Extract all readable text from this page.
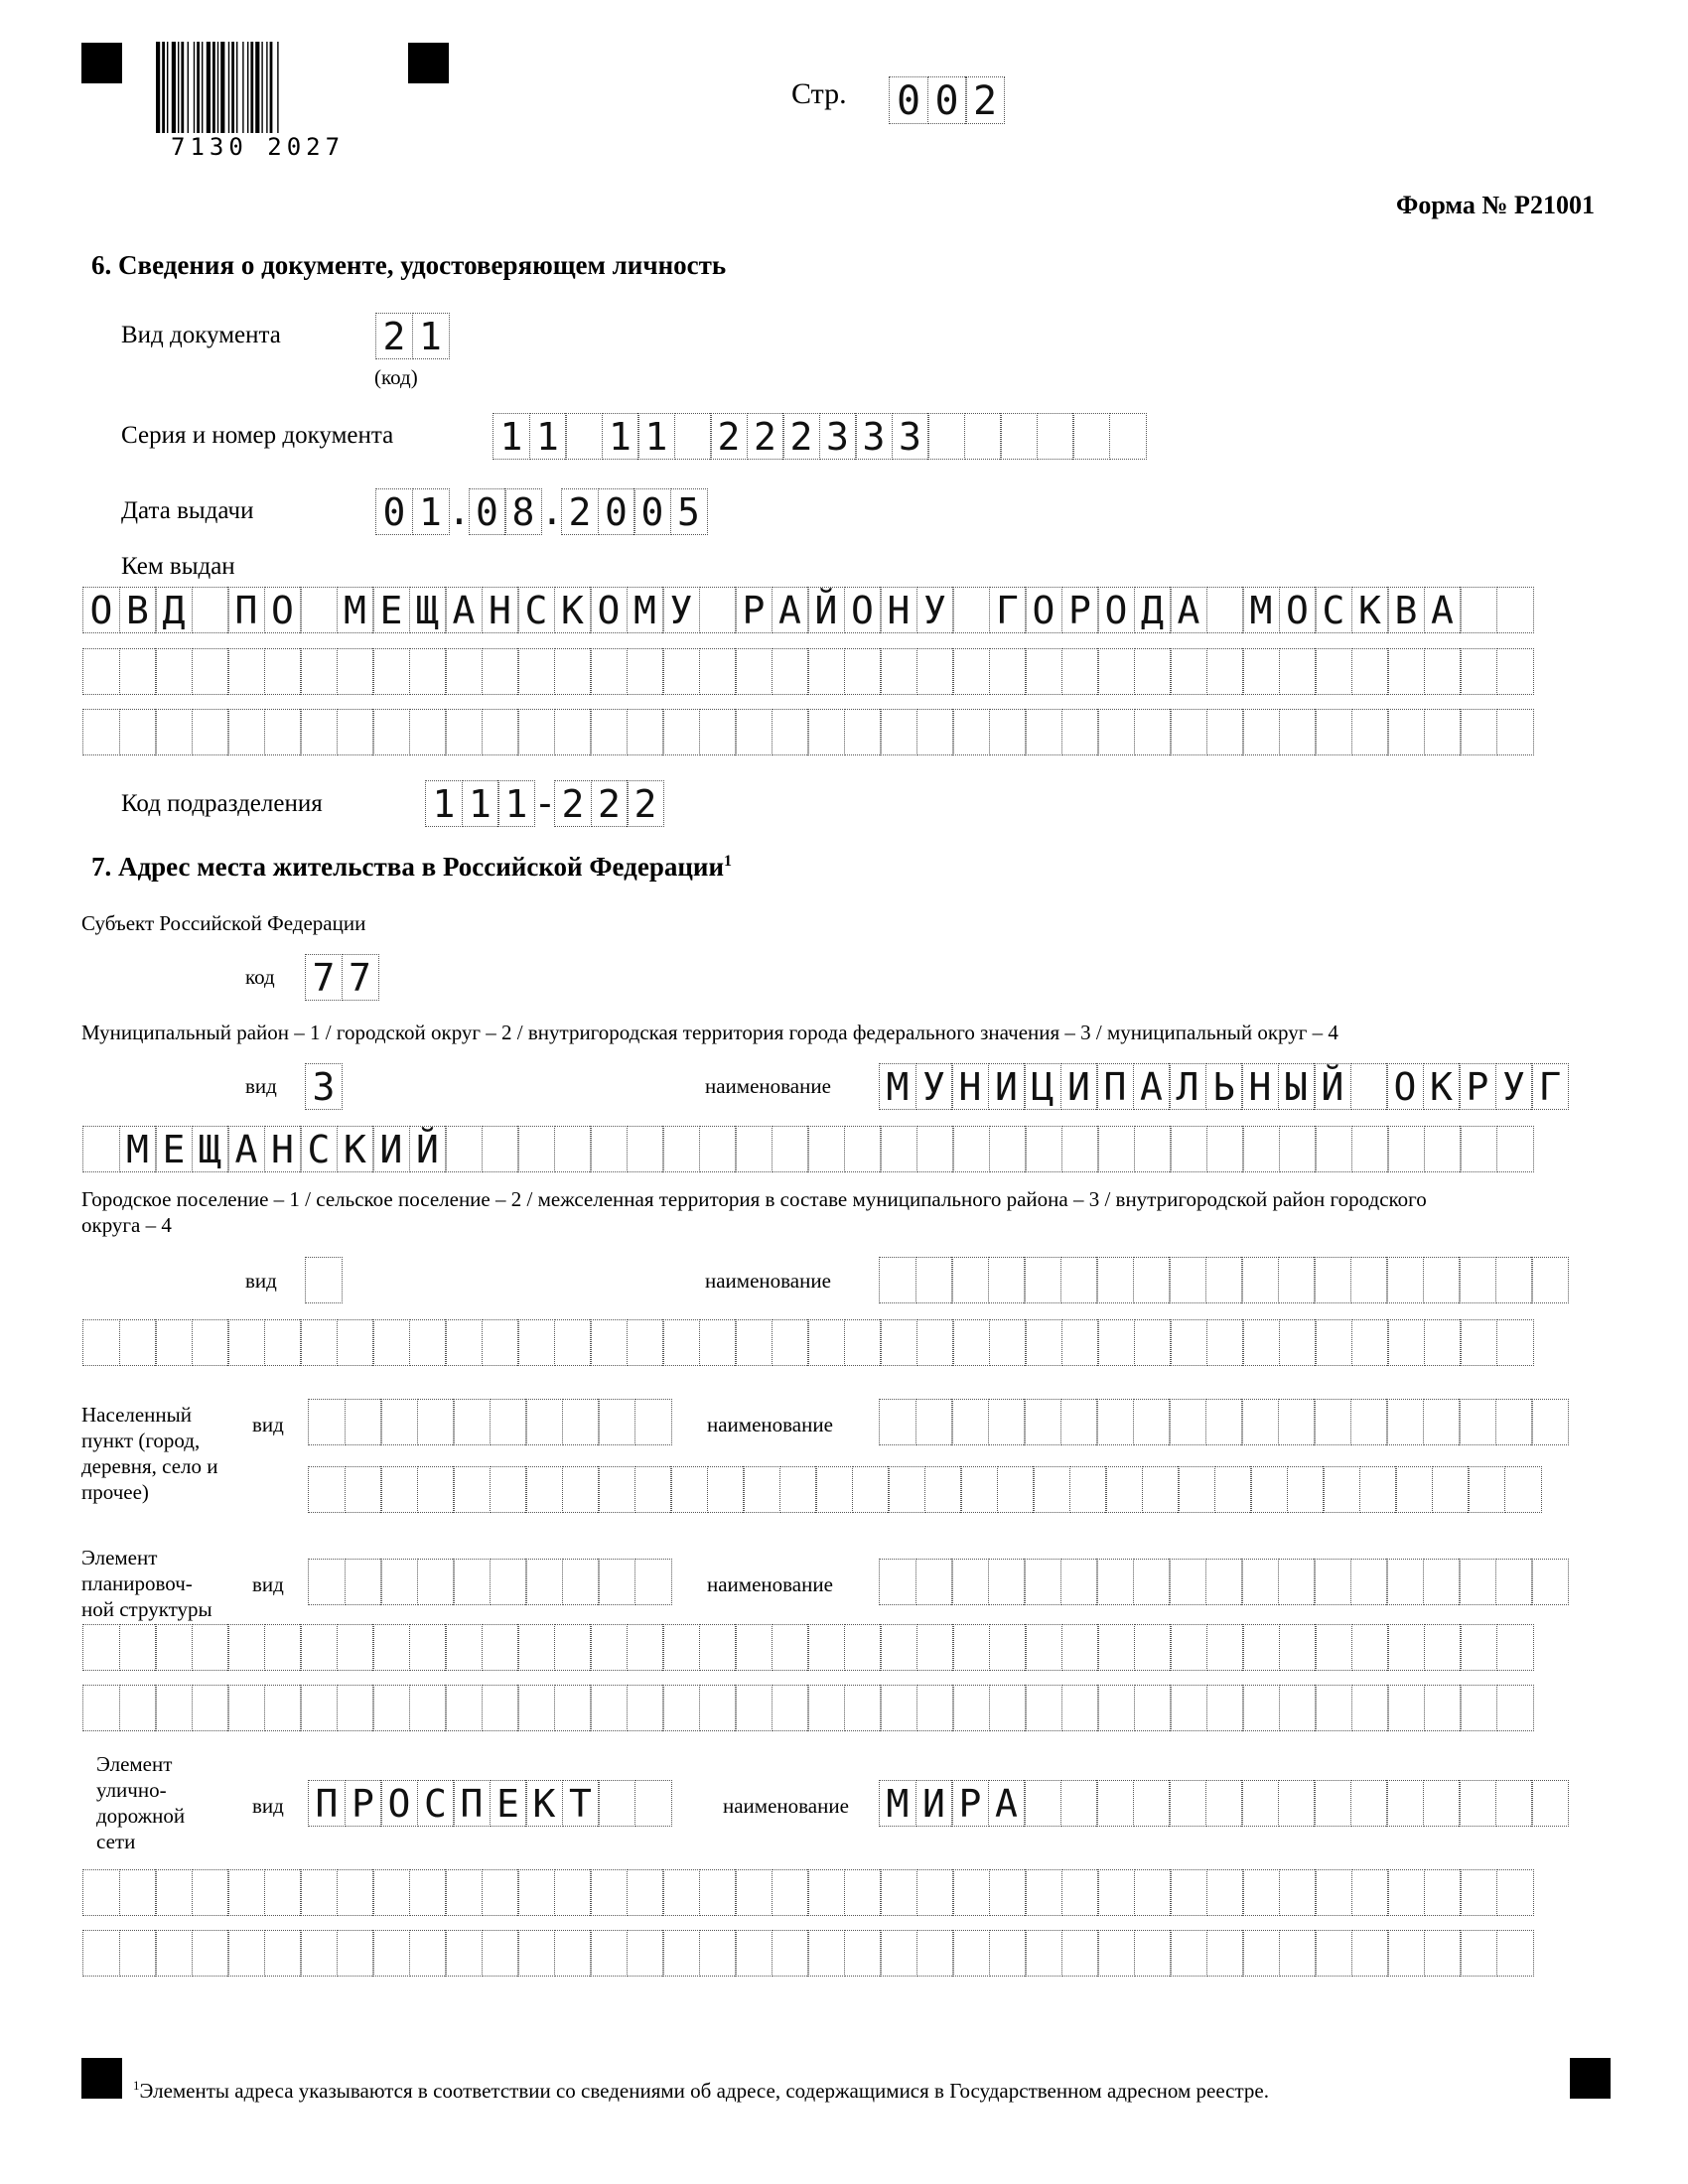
7130 2027
Стр. 0 0 2
Форма № Р21001
6. Сведения о документе, удостоверяющем личность
Вид документа	2 1
(код)
Серия и номер документа	1 1 1 1 2 2 2 3 3 3
Дата выдачи	0 1 . 0 8 . 2 0 0 5
Кем выдан
О В Д П О М Е Щ А Н С К О М У Р А Й О Н У Г О Р О Д А М О С К В А
Код подразделения	1 1 1 - 2 2 2
7. Адрес места жительства в Российской Федерации$^1$
Субъект Российской Федерации
код 7 7
Муниципальный район – 1 / городской округ – 2 / внутригородская территория города федерального значения – 3 / муниципальный округ – 4
вид 3	наименование М У Н И Ц И П А Л Ь Н Ы Й О К Р У Г
М Е Щ А Н С К И Й
Городское поселение – 1 / сельское поселение – 2 / межселенная территория в составе муниципального района – 3 / внутригородской район городского округа – 4
вид	наименование
Населенный пункт (город, деревня, село и прочее)
вид	наименование
Элемент планировоч-ной структуры
вид	наименование
Элемент улично-дорожной сети
вид П Р О С П Е К Т	наименование М И Р А
$^1$Элементы адреса указываются в соответствии со сведениями об адресе, содержащимися в Государственном адресном реестре.
